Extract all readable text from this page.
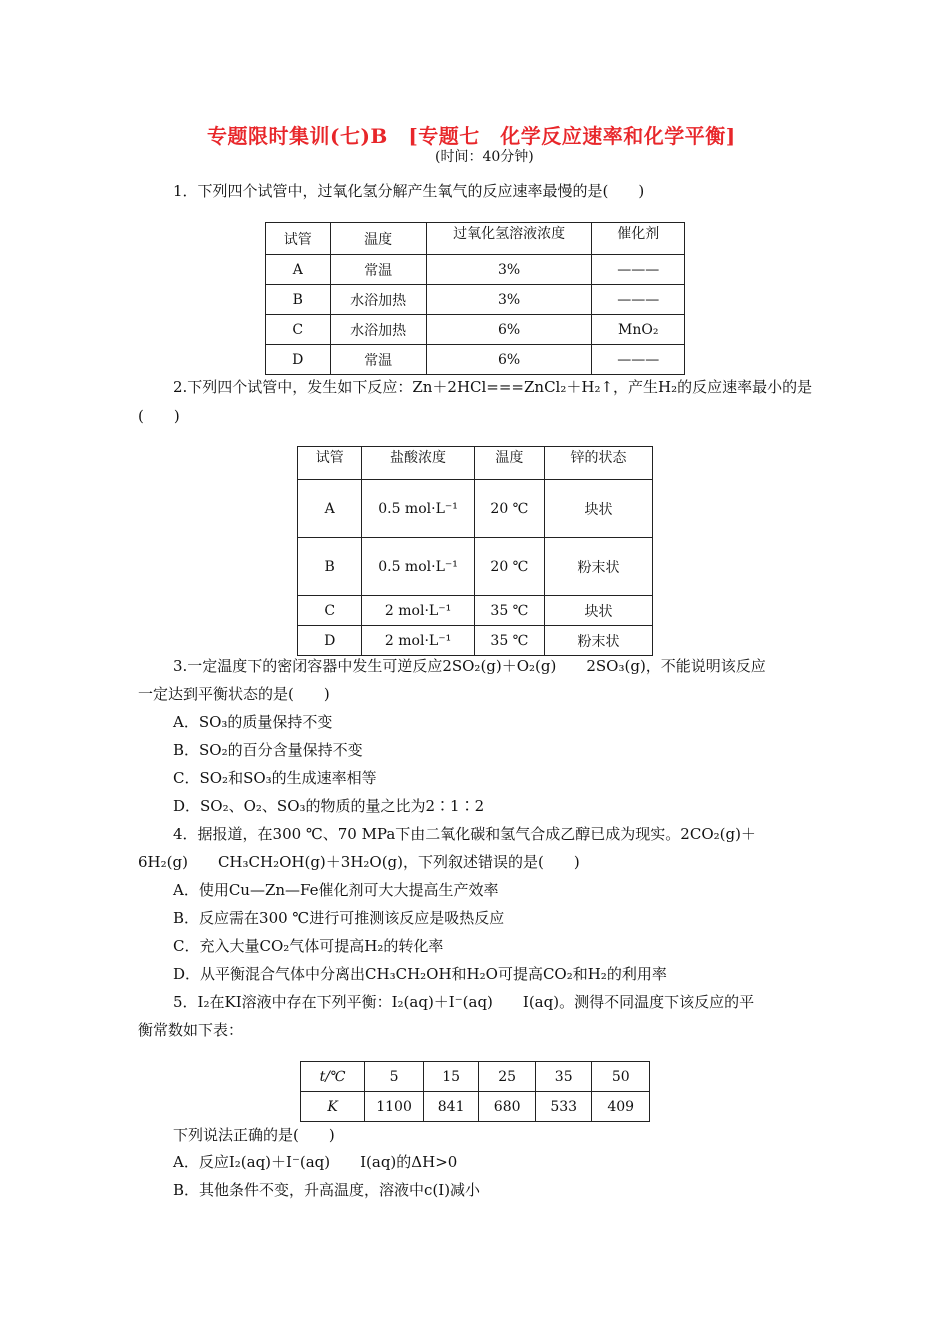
专题限时集训(七)B　[专题七　化学反应速率和化学平衡]
(时间：40分钟)
1．下列四个试管中，过氧化氢分解产生氧气的反应速率最慢的是(　　)
试管	温度	过氧化氢溶液浓度	催化剂
A	常温	3%	———
B	水浴加热	3%	———
C	水浴加热	6%	MnO₂
D	常温	6%	———
2.下列四个试管中，发生如下反应：Zn＋2HCl===ZnCl₂＋H₂↑，产生H₂的反应速率最小的是
(　　)
试管	盐酸浓度	温度	锌的状态
A	0.5 mol·L⁻¹	20 ℃	块状
B	0.5 mol·L⁻¹	20 ℃	粉末状
C	2 mol·L⁻¹	35 ℃	块状
D	2 mol·L⁻¹	35 ℃	粉末状
3.一定温度下的密闭容器中发生可逆反应2SO₂(g)＋O₂(g)　　2SO₃(g)，不能说明该反应
一定达到平衡状态的是(　　)
A．SO₃的质量保持不变
B．SO₂的百分含量保持不变
C．SO₂和SO₃的生成速率相等
D．SO₂、O₂、SO₃的物质的量之比为2∶1∶2
4．据报道，在300 ℃、70 MPa下由二氧化碳和氢气合成乙醇已成为现实。2CO₂(g)＋
6H₂(g)　　CH₃CH₂OH(g)＋3H₂O(g)，下列叙述错误的是(　　)
A．使用Cu—Zn—Fe催化剂可大大提高生产效率
B．反应需在300 ℃进行可推测该反应是吸热反应
C．充入大量CO₂气体可提高H₂的转化率
D．从平衡混合气体中分离出CH₃CH₂OH和H₂O可提高CO₂和H₂的利用率
5．I₂在KI溶液中存在下列平衡：I₂(aq)＋I⁻(aq)　　I(aq)。测得不同温度下该反应的平
衡常数如下表：
t/℃	5	15	25	35	50
K	1100	841	680	533	409
下列说法正确的是(　　)
A．反应I₂(aq)＋I⁻(aq)　　I(aq)的ΔH>0
B．其他条件不变，升高温度，溶液中c(I)减小
